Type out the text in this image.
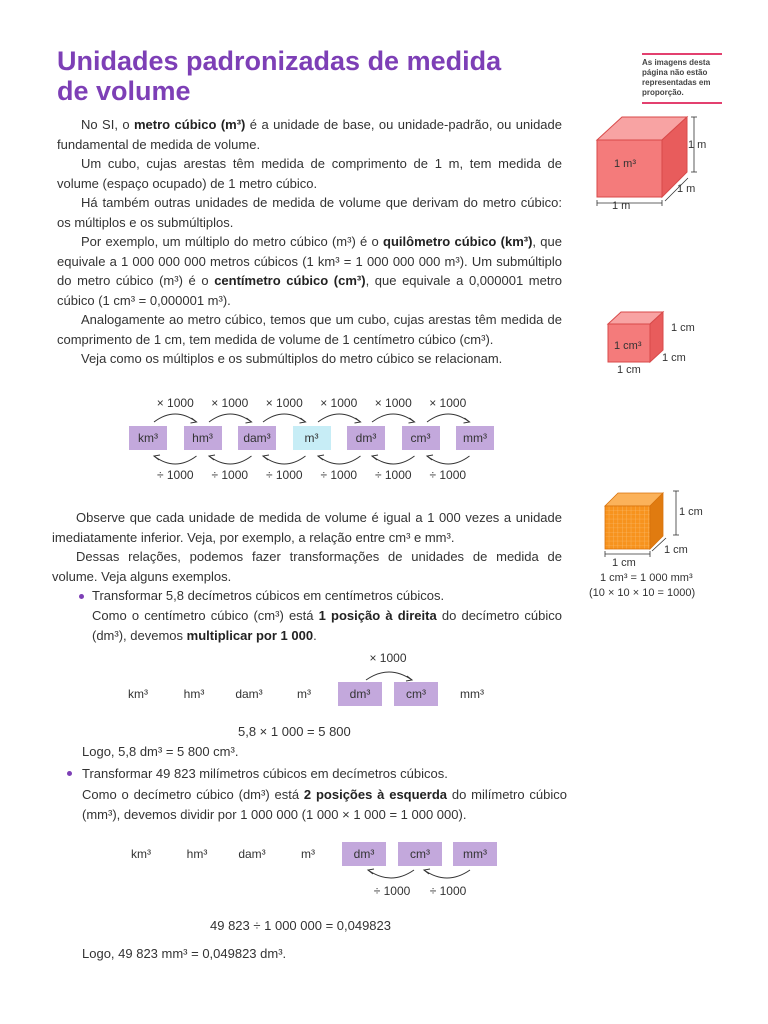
Unidades padronizadas de medida de volume
As imagens desta página não estão representadas em proporção.
No SI, o metro cúbico (m³) é a unidade de base, ou unidade-padrão, ou unidade fundamental de medida de volume.
Um cubo, cujas arestas têm medida de comprimento de 1 m, tem medida de volume (espaço ocupado) de 1 metro cúbico.
Há também outras unidades de medida de volume que derivam do metro cúbico: os múltiplos e os submúltiplos.
Por exemplo, um múltiplo do metro cúbico (m³) é o quilômetro cúbico (km³), que equivale a 1 000 000 000 metros cúbicos (1 km³ = 1 000 000 000 m³). Um submúltiplo do metro cúbico (m³) é o centímetro cúbico (cm³), que equivale a 0,000001 metro cúbico (1 cm³ = 0,000001 m³).
Analogamente ao metro cúbico, temos que um cubo, cujas arestas têm medida de comprimento de 1 cm, tem medida de volume de 1 centímetro cúbico (cm³).
Veja como os múltiplos e os submúltiplos do metro cúbico se relacionam.
km³	hm³	dam³	m³	dm³	cm³	mm³
× 1000
÷ 1000
× 1000
÷ 1000
× 1000
÷ 1000
× 1000
÷ 1000
× 1000
÷ 1000
× 1000
÷ 1000
Observe que cada unidade de medida de volume é igual a 1 000 vezes a unidade imediatamente inferior. Veja, por exemplo, a relação entre cm³ e mm³.
Dessas relações, podemos fazer transformações de unidades de medida de volume. Veja alguns exemplos.
Transformar 5,8 decímetros cúbicos em centímetros cúbicos.
Como o centímetro cúbico (cm³) está 1 posição à direita do decímetro cúbico (dm³), devemos multiplicar por 1 000.
km³	hm³	dam³	m³	dm³	cm³	mm³
× 1000
5,8 × 1 000 = 5 800
Logo, 5,8 dm³ = 5 800 cm³.
Transformar 49 823 milímetros cúbicos em decímetros cúbicos.
Como o decímetro cúbico (dm³) está 2 posições à esquerda do milímetro cúbico (mm³), devemos dividir por 1 000 000 (1 000 × 1 000 = 1 000 000).
km³	hm³	dam³	m³	dm³	cm³	mm³
÷ 1000	÷ 1000
49 823 ÷ 1 000 000 = 0,049823
Logo, 49 823 mm³ = 0,049823 dm³.
1 m³
1 m
1 m
1 m
1 cm³
1 cm
1 cm
1 cm
1 cm
1 cm
1 cm
1 cm³ = 1 000 mm³
(10 × 10 × 10 = 1000)
